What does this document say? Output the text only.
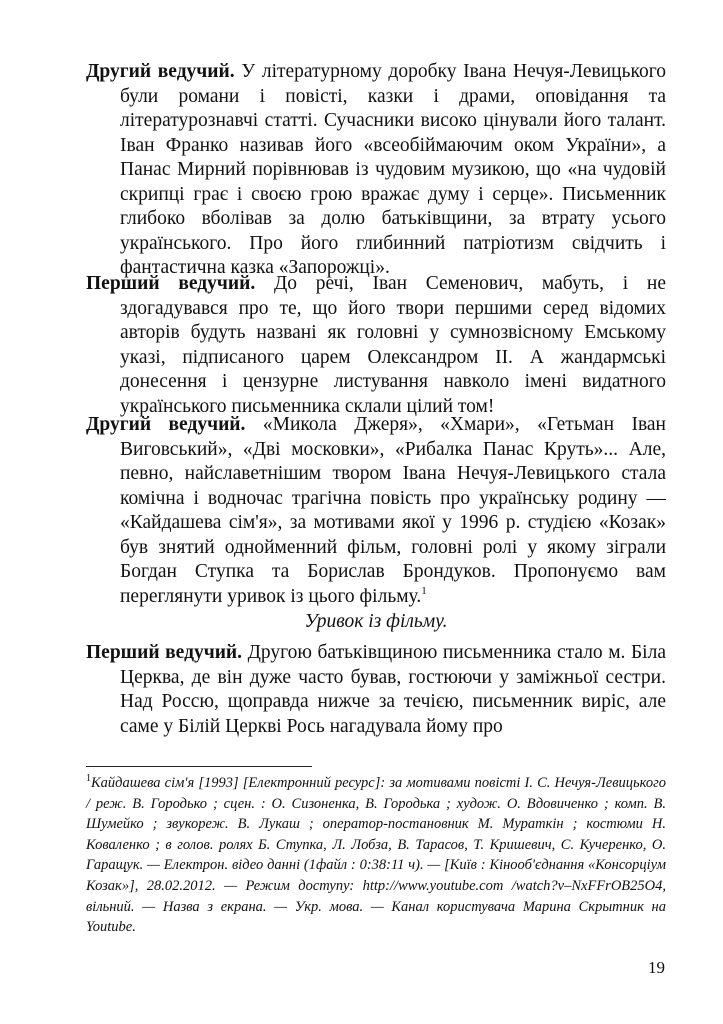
Другий ведучий. У літературному доробку Івана Нечуя-Левицького були романи і повісті, казки і драми, оповідання та літературознавчі статті. Сучасники високо цінували його талант. Іван Франко називав його «всеобіймаючим оком України», а Панас Мирний порівнював із чудовим музикою, що «на чудовій скрипці грає і своєю грою вражає думу і серце». Письменник глибоко вболівав за долю батьківщини, за втрату усього українського. Про його глибинний патріотизм свідчить і фантастична казка «Запорожці».
Перший ведучий. До речі, Іван Семенович, мабуть, і не здогадувався про те, що його твори першими серед відомих авторів будуть названі як головні у сумнозвісному Емському указі, підписаного царем Олександром ІІ. А жандармські донесення і цензурне листування навколо імені видатного українського письменника склали цілий том!
Другий ведучий. «Микола Джеря», «Хмари», «Гетьман Іван Виговський», «Дві московки», «Рибалка Панас Круть»... Але, певно, найславетнішим твором Івана Нечуя-Левицького стала комічна і водночас трагічна повість про українську родину — «Кайдашева сім'я», за мотивами якої у 1996 р. студією «Козак» був знятий однойменний фільм, головні ролі у якому зіграли Богдан Ступка та Борислав Брондуков. Пропонуємо вам переглянути уривок із цього фільму.$^1$
Уривок із фільму.
Перший ведучий. Другою батьківщиною письменника стало м. Біла Церква, де він дуже часто бував, гостюючи у заміжньої сестри. Над Россю, щоправда нижче за течією, письменник виріс, але саме у Білій Церкві Рось нагадувала йому про
$^1$Кайдашева сім'я [1993] [Електронний ресурс]: за мотивами повісті І. С. Нечуя-Левицького / реж. В. Городько ; сцен. : О. Сизоненка, В. Городька ; худож. О. Вдовиченко ; комп. В. Шумейко ; звукореж. В. Лукаш ; оператор-постановник М. Мураткін ; костюми Н. Коваленко ; в голов. ролях Б. Ступка, Л. Лобза, В. Тарасов, Т. Кришевич, С. Кучеренко, О. Гаращук. — Електрон. відео данні (1файл : 0:38:11 ч). — [Київ : Кінооб'єднання «Консорціум Козак»], 28.02.2012. — Режим доступу: http://www.youtube.com /watch?v–NxFFrOB25O4, вільний. — Назва з екрана. — Укр. мова. — Канал користувача Марина Скрытник на Youtube.
19
